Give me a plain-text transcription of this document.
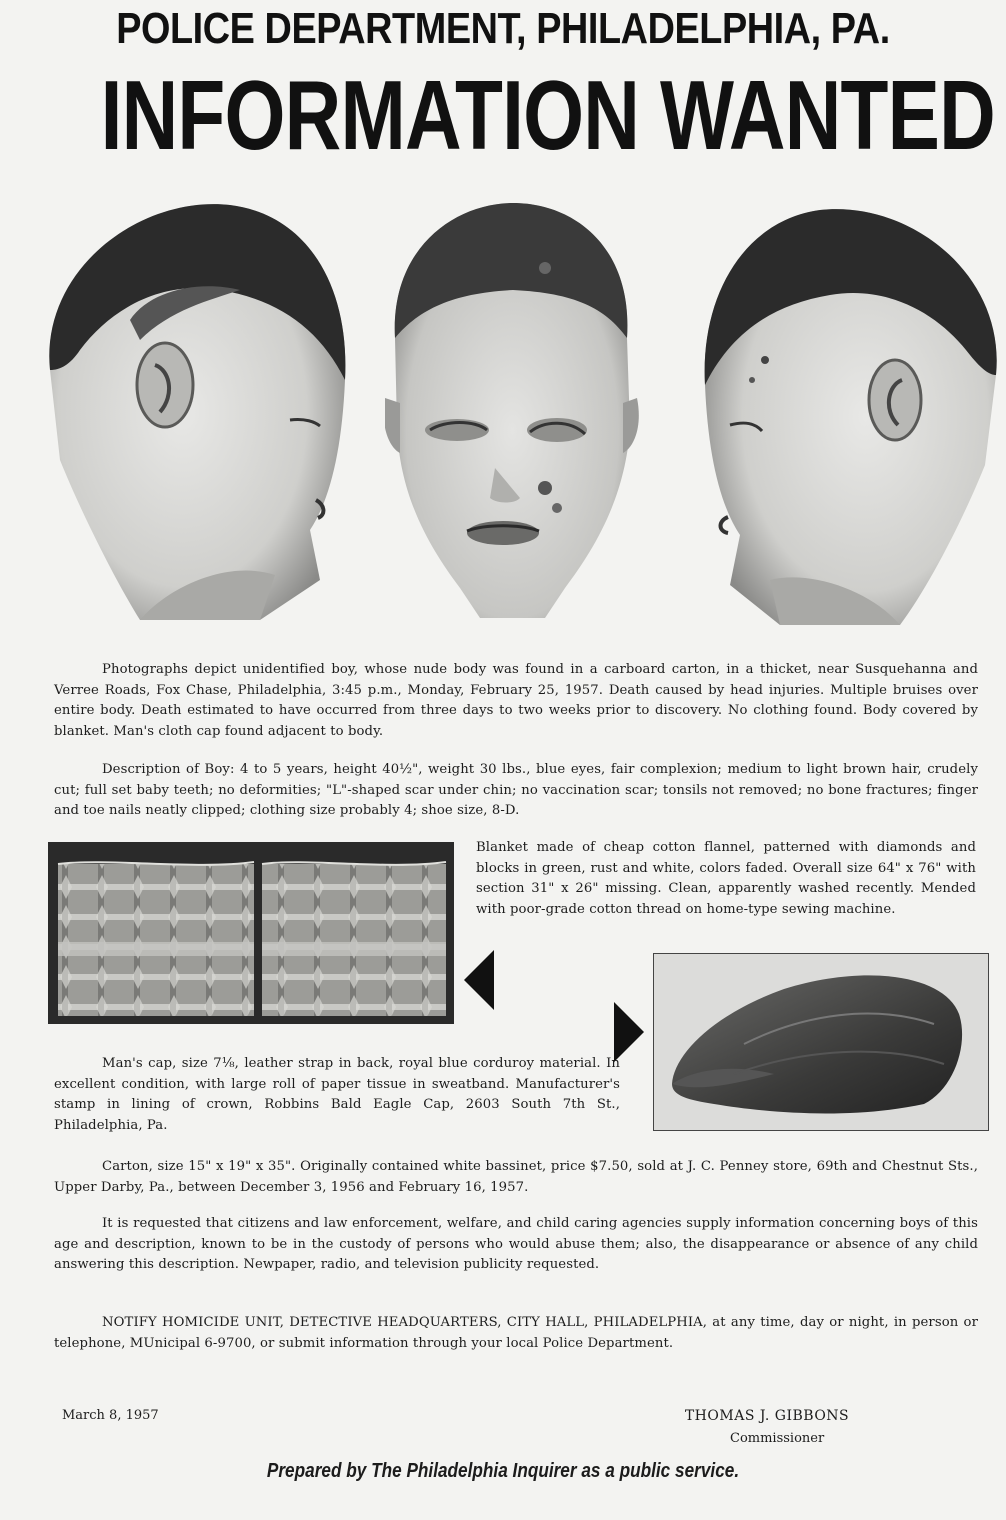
POLICE DEPARTMENT, PHILADELPHIA, PA.
INFORMATION WANTED

Photographs depict unidentified boy, whose nude body was found in a carboard carton, in a thicket, near Susquehanna and Verree Roads, Fox Chase, Philadelphia, 3:45 p.m., Monday, February 25, 1957. Death caused by head injuries. Multiple bruises over entire body. Death estimated to have occurred from three days to two weeks prior to discovery. No clothing found. Body covered by blanket. Man's cloth cap found adjacent to body.

Description of Boy: 4 to 5 years, height 40½", weight 30 lbs., blue eyes, fair complexion; medium to light brown hair, crudely cut; full set baby teeth; no deformities; "L"-shaped scar under chin; no vaccination scar; tonsils not removed; no bone fractures; finger and toe nails neatly clipped; clothing size probably 4; shoe size, 8-D.

Blanket made of cheap cotton flannel, patterned with diamonds and blocks in green, rust and white, colors faded. Overall size 64" x 76" with section 31" x 26" missing. Clean, apparently washed recently. Mended with poor-grade cotton thread on home-type sewing machine.

Man's cap, size 7⅛, leather strap in back, royal blue corduroy material. In excellent condition, with large roll of paper tissue in sweatband. Manufacturer's stamp in lining of crown, Robbins Bald Eagle Cap, 2603 South 7th St., Philadelphia, Pa.

Carton, size 15" x 19" x 35". Originally contained white bassinet, price $7.50, sold at J. C. Penney store, 69th and Chestnut Sts., Upper Darby, Pa., between December 3, 1956 and February 16, 1957.

It is requested that citizens and law enforcement, welfare, and child caring agencies supply information concerning boys of this age and description, known to be in the custody of persons who would abuse them; also, the disappearance or absence of any child answering this description. Newpaper, radio, and television publicity requested.

NOTIFY HOMICIDE UNIT, DETECTIVE HEADQUARTERS, CITY HALL, PHILADELPHIA, at any time, day or night, in person or telephone, MUnicipal 6-9700, or submit information through your local Police Department.

March 8, 1957	THOMAS J. GIBBONS
Commissioner
Prepared by The Philadelphia Inquirer as a public service.
